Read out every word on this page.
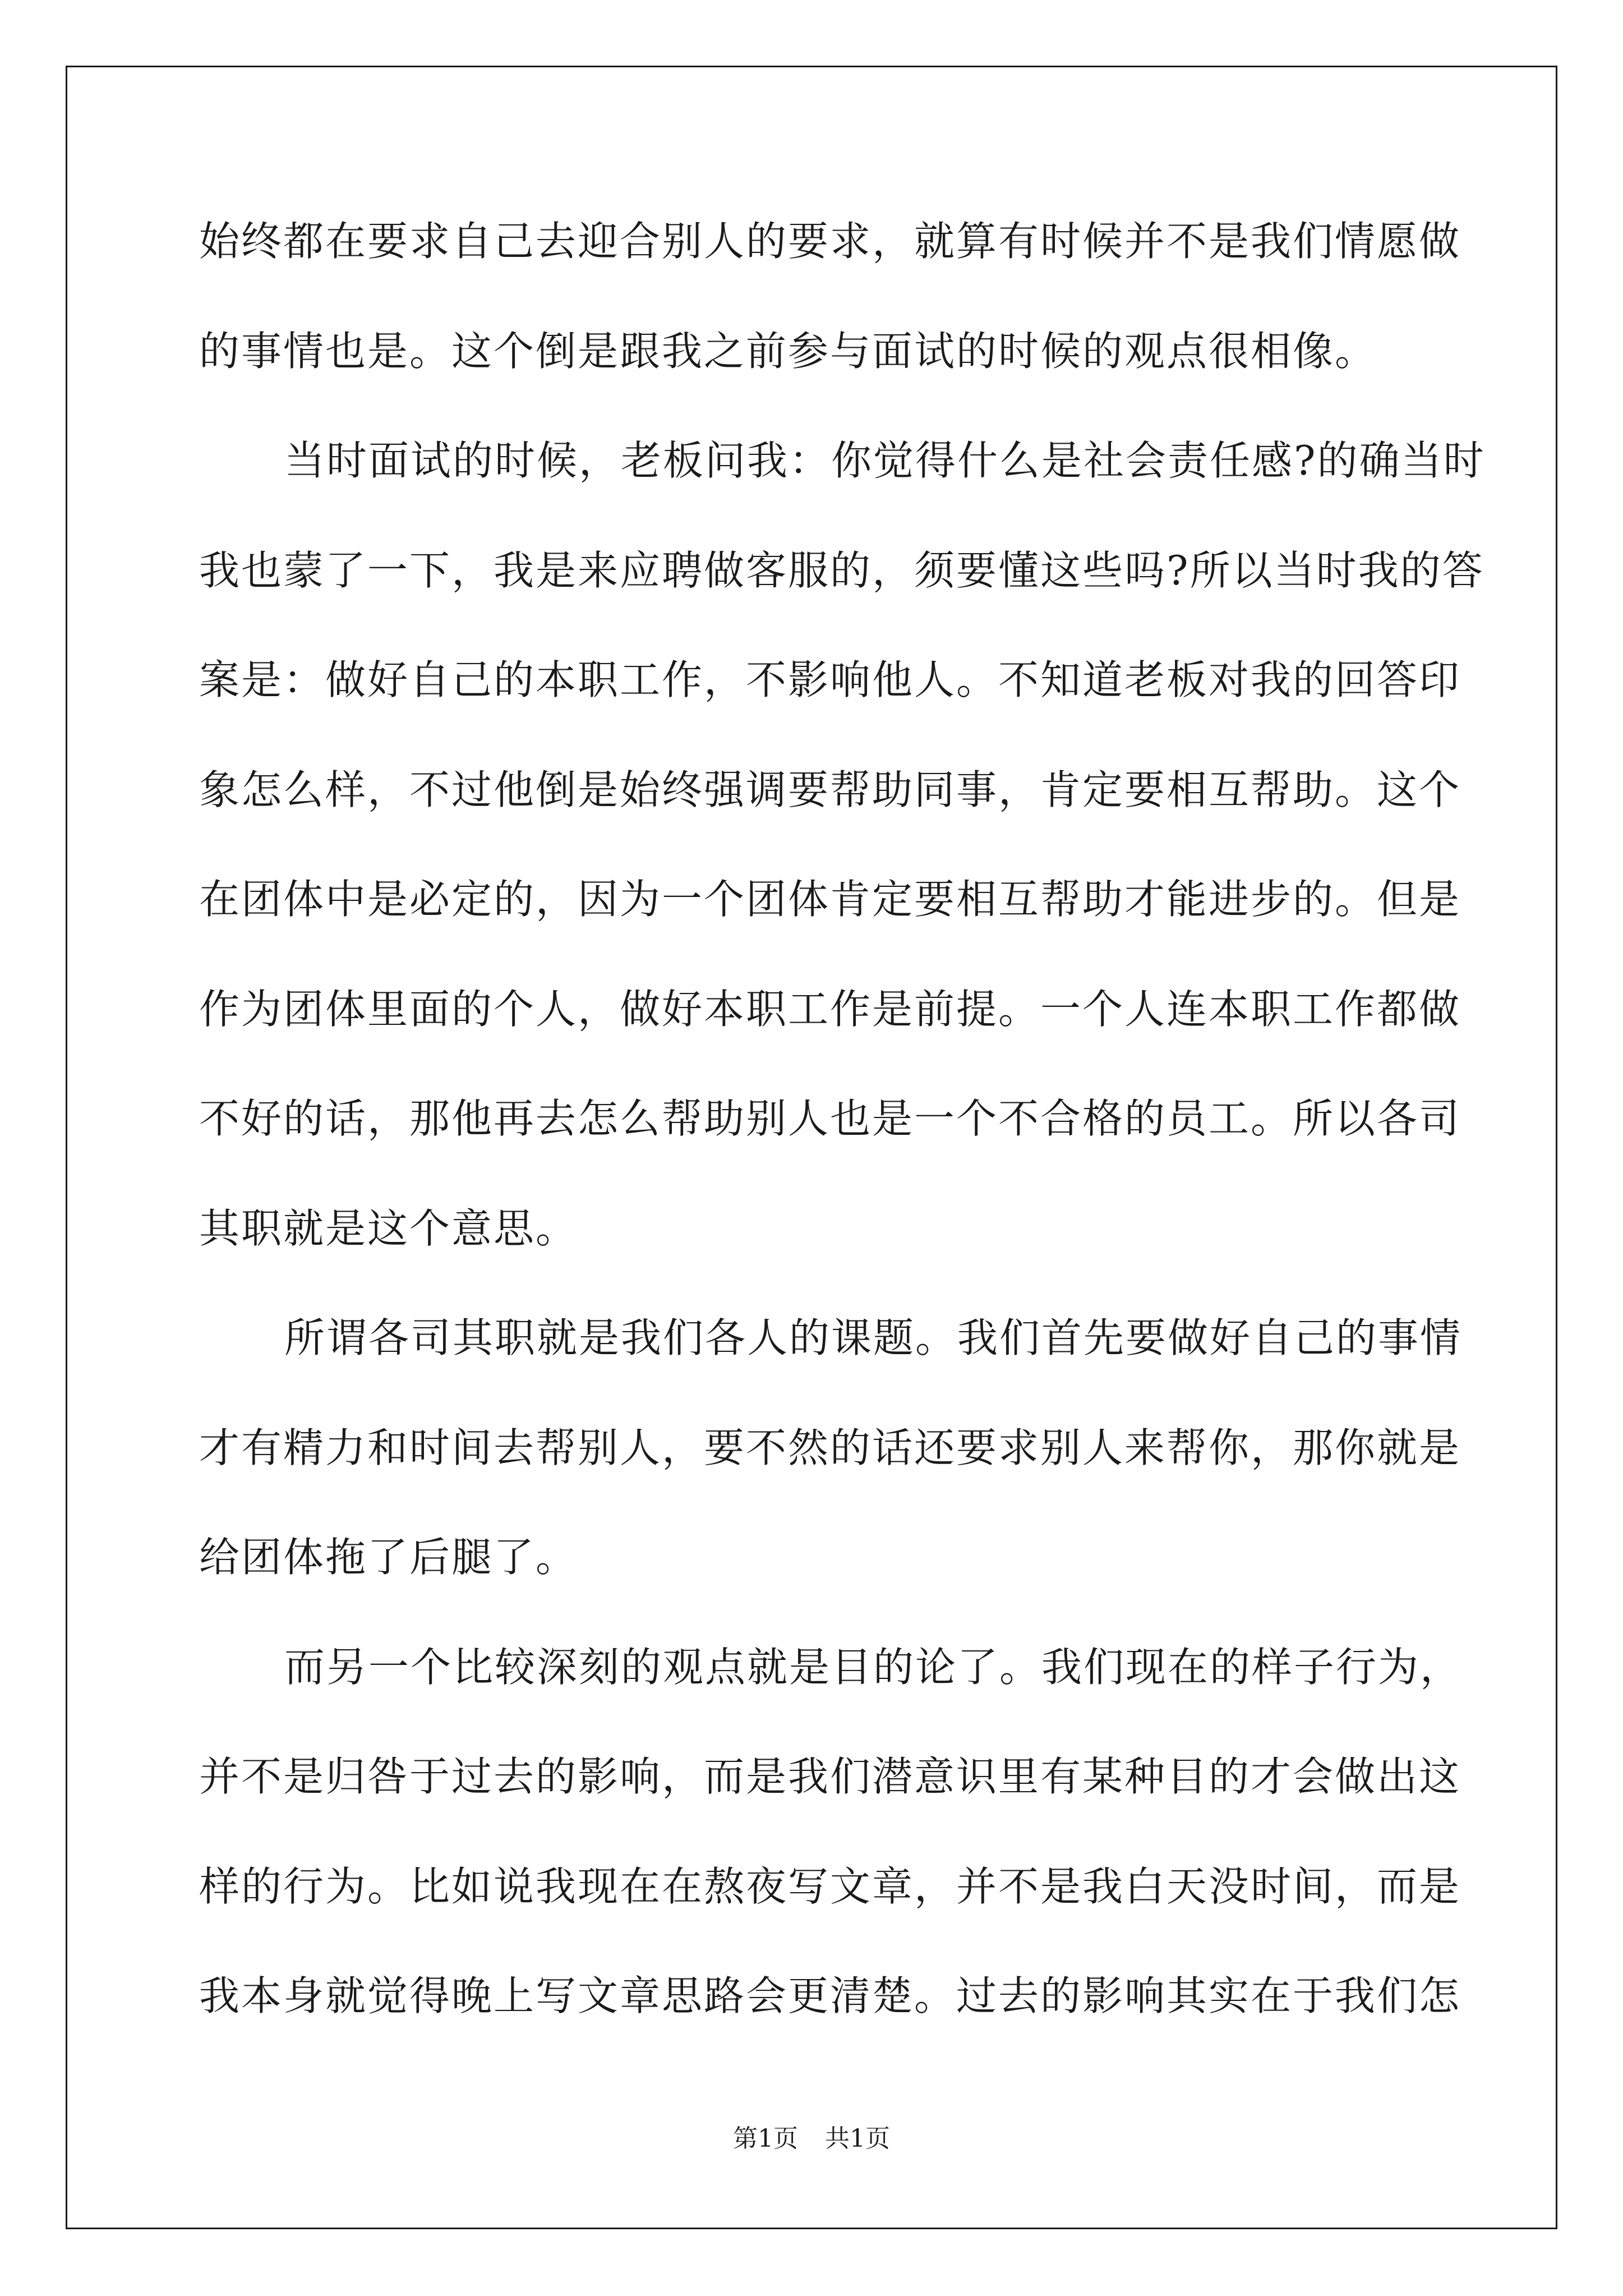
始终都在要求自己去迎合别人的要求，就算有时候并不是我们情愿做
的事情也是。这个倒是跟我之前参与面试的时候的观点很相像。
当时面试的时候，老板问我：你觉得什么是社会责任感?的确当时
我也蒙了一下，我是来应聘做客服的，须要懂这些吗?所以当时我的答
案是：做好自己的本职工作，不影响他人。不知道老板对我的回答印
象怎么样，不过他倒是始终强调要帮助同事，肯定要相互帮助。这个
在团体中是必定的，因为一个团体肯定要相互帮助才能进步的。但是
作为团体里面的个人，做好本职工作是前提。一个人连本职工作都做
不好的话，那他再去怎么帮助别人也是一个不合格的员工。所以各司
其职就是这个意思。
所谓各司其职就是我们各人的课题。我们首先要做好自己的事情
才有精力和时间去帮别人，要不然的话还要求别人来帮你，那你就是
给团体拖了后腿了。
而另一个比较深刻的观点就是目的论了。我们现在的样子行为，
并不是归咎于过去的影响，而是我们潜意识里有某种目的才会做出这
样的行为。比如说我现在在熬夜写文章，并不是我白天没时间，而是
我本身就觉得晚上写文章思路会更清楚。过去的影响其实在于我们怎
第1页 共1页
